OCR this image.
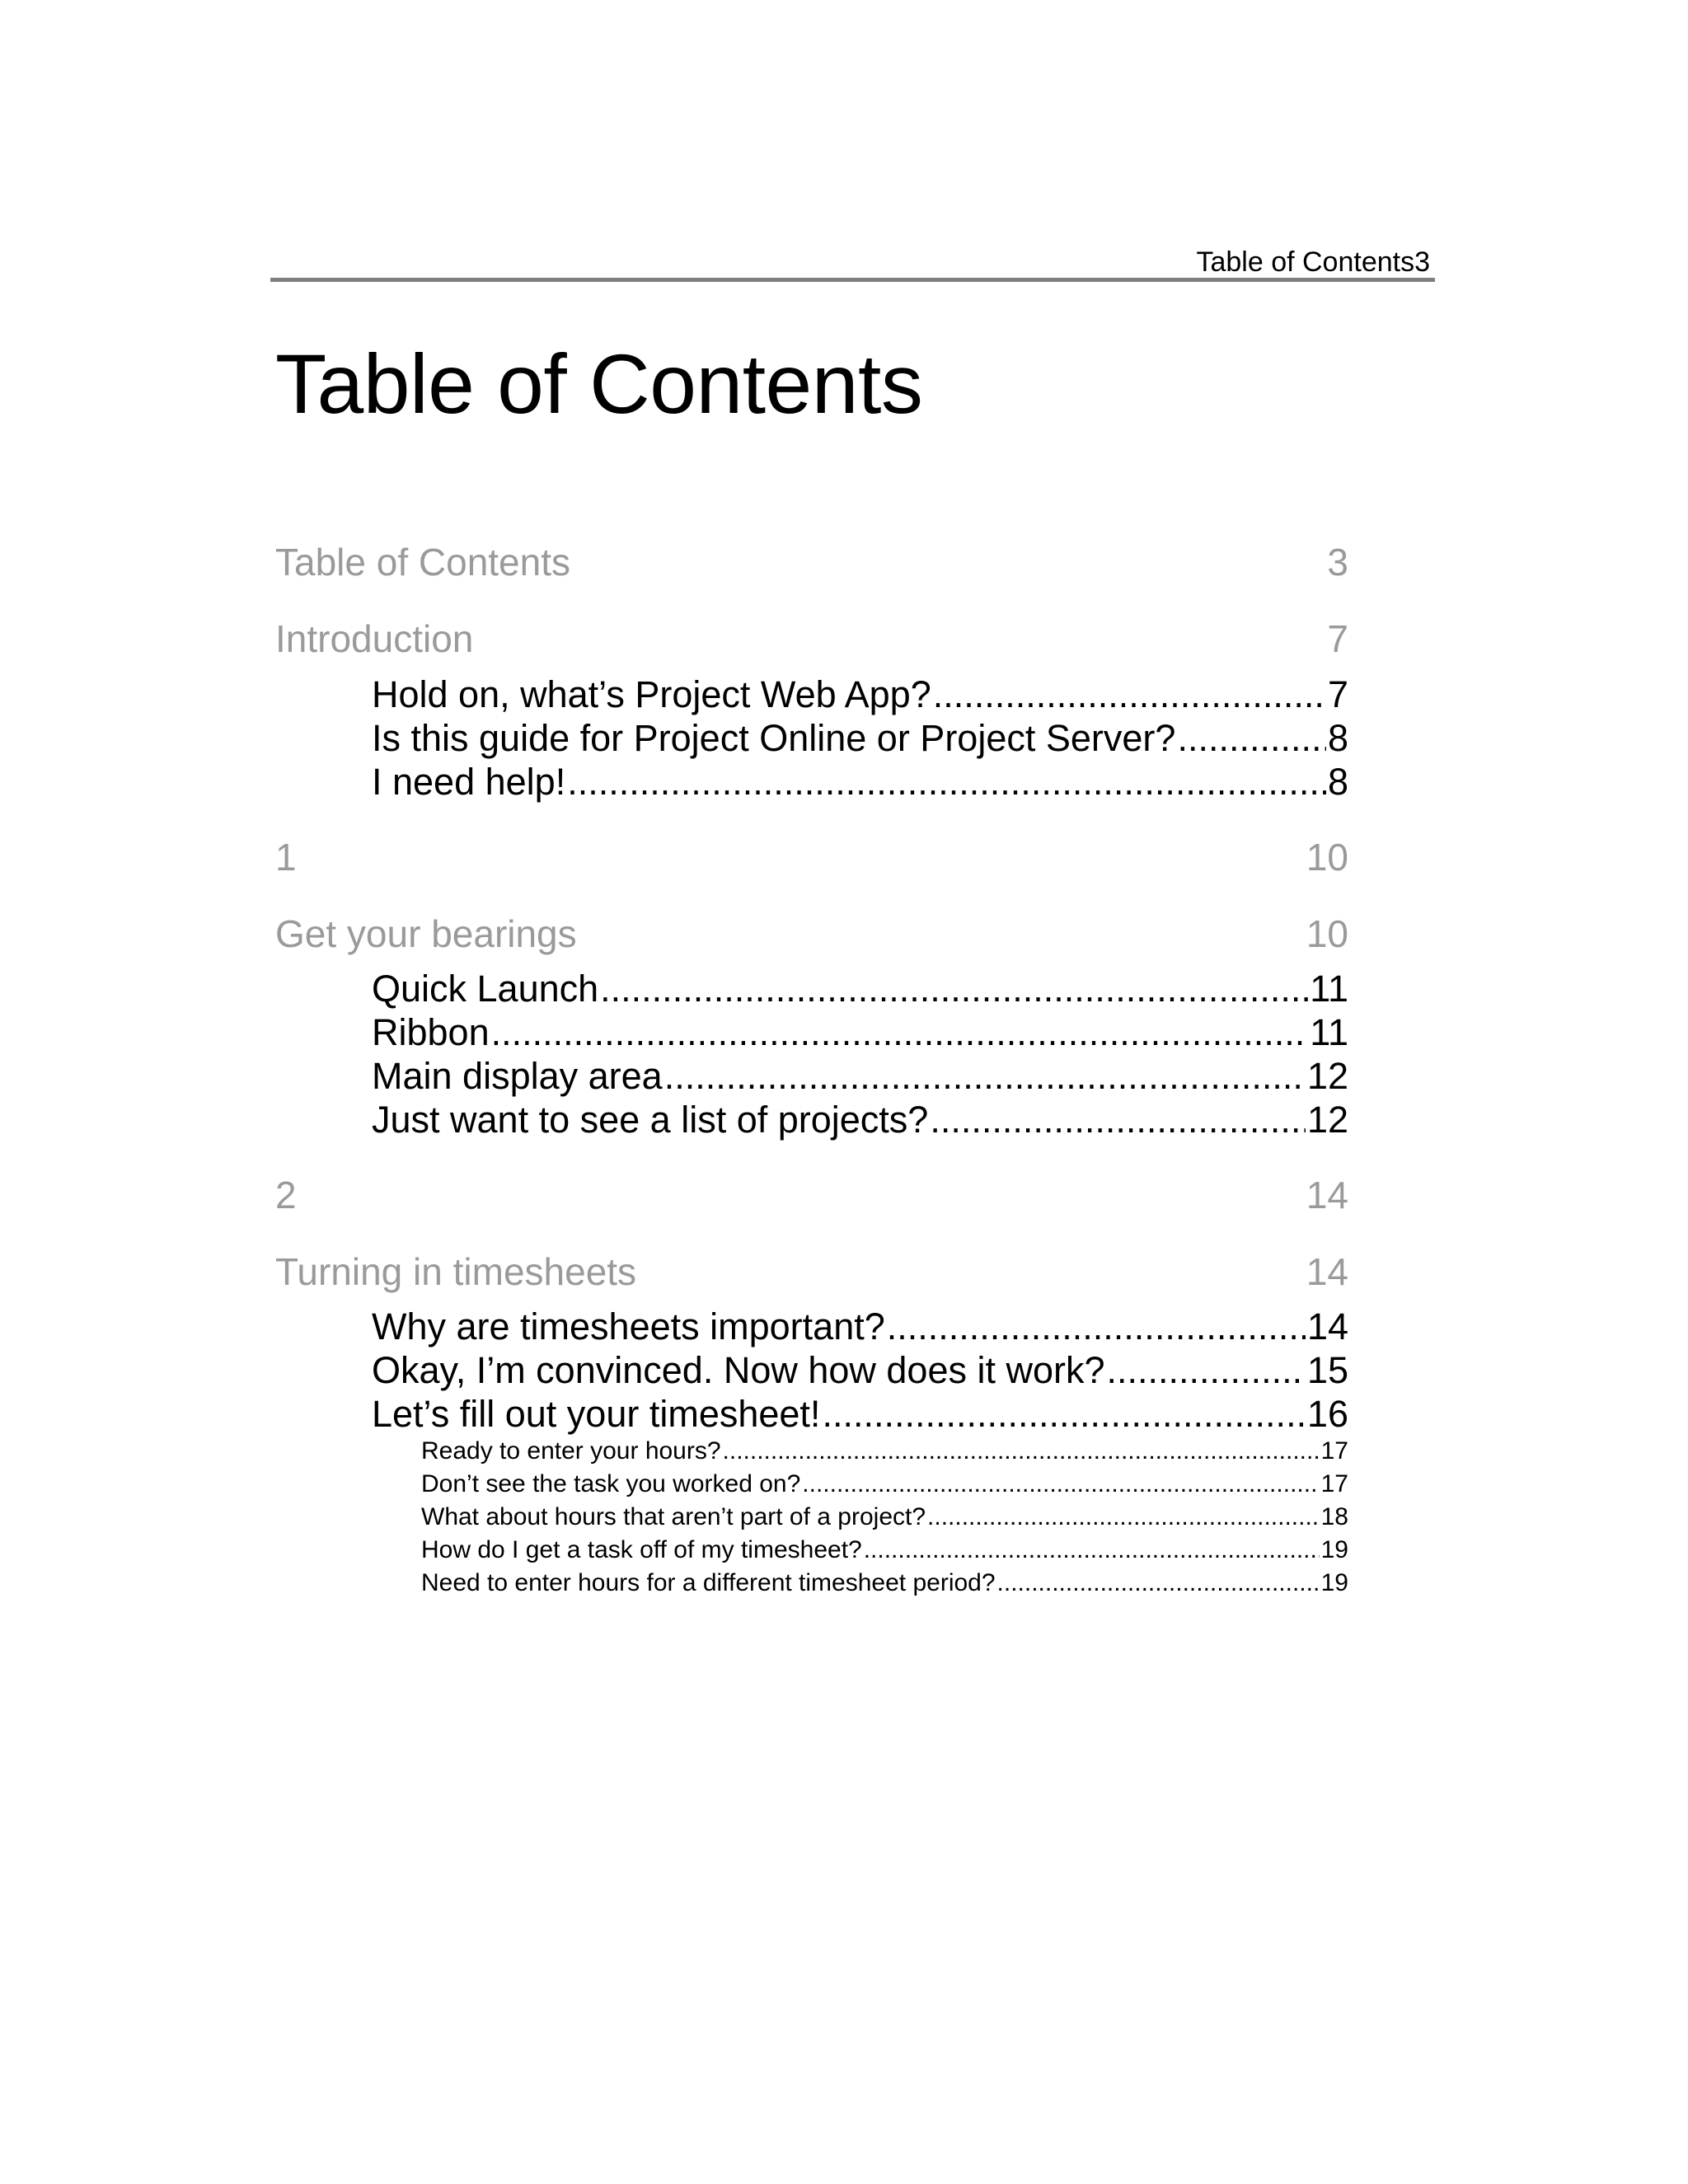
Table of Contents3
Table of Contents
Table of Contents	3
Introduction	7
Hold on, what’s Project Web App? .....	7
Is this guide for Project Online or Project Server? .....	8
I need help! .....	8
1	10
Get your bearings	10
Quick Launch .....	11
Ribbon .....	11
Main display area .....	12
Just want to see a list of projects? .....	12
2	14
Turning in timesheets	14
Why are timesheets important? .....	14
Okay, I’m convinced. Now how does it work? .....	15
Let’s fill out your timesheet! .....	16
Ready to enter your hours? .....	17
Don’t see the task you worked on? .....	17
What about hours that aren’t part of a project? .....	18
How do I get a task off of my timesheet? .....	19
Need to enter hours for a different timesheet period? .....	19
